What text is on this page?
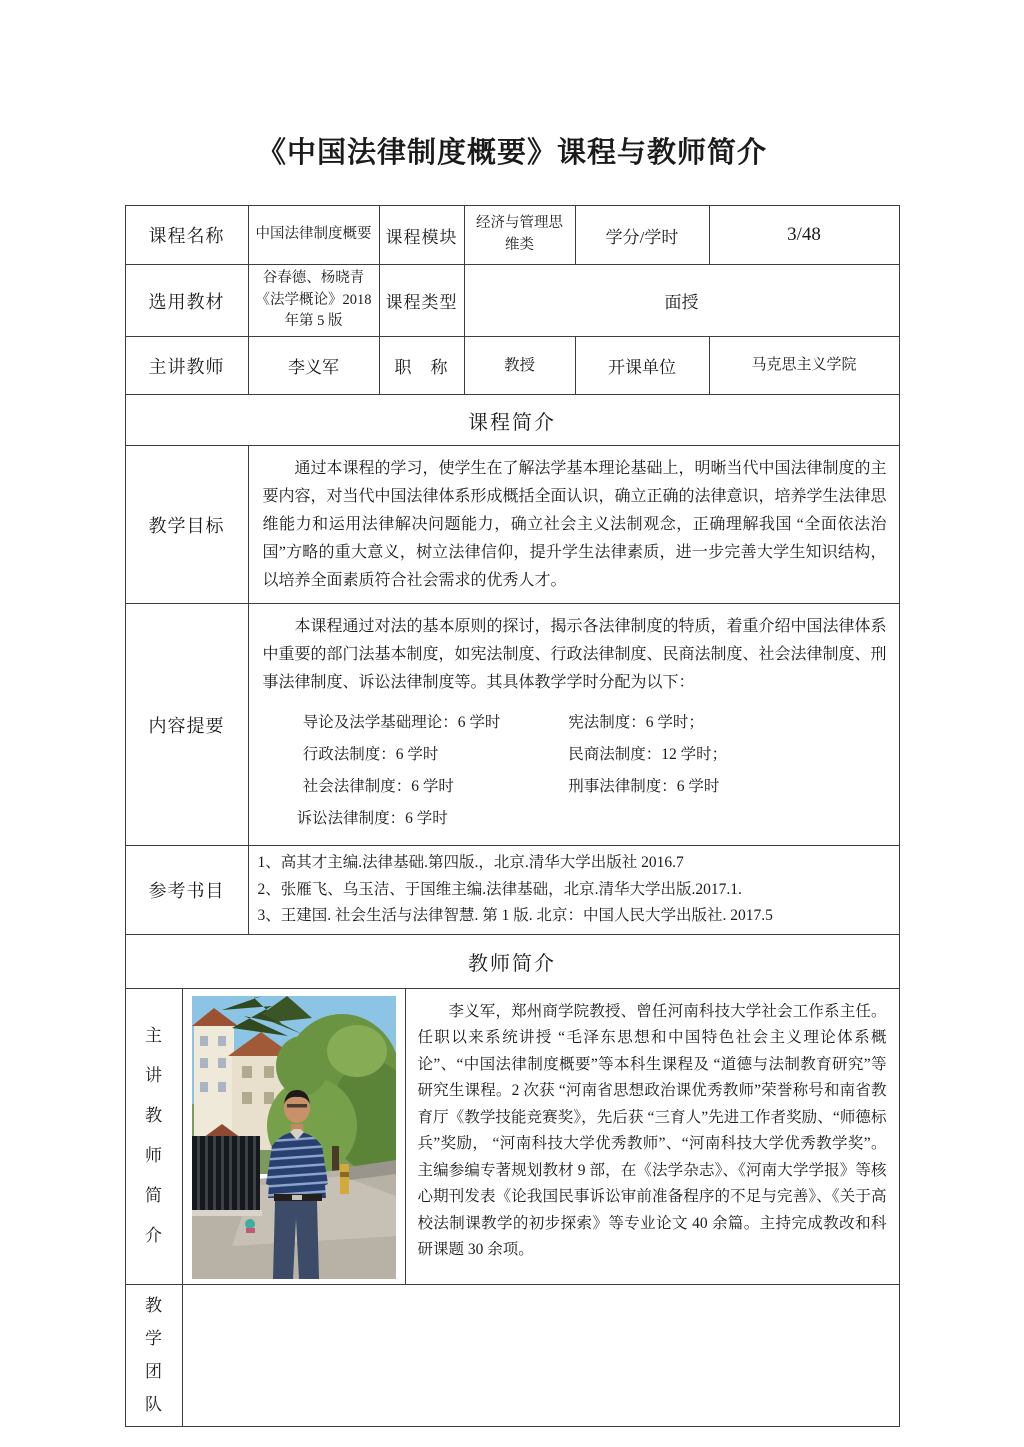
《中国法律制度概要》课程与教师简介
课程名称	中国法律制度概要	课程模块	经济与管理思维类	学分/学时	3/48
选用教材	谷春德、杨晓青《法学概论》2018 年第 5 版	课程类型	面授		
主讲教师	李义军	职　称	教授	开课单位	马克思主义学院
课程简介					
教学目标	通过本课程的学习，使学生在了解法学基本理论基础上，明晰当代中国法律制度的主要内容，对当代中国法律体系形成概括全面认识，确立正确的法律意识，培养学生法律思维能力和运用法律解决问题能力，确立社会主义法制观念，正确理解我国 “全面依法治国”方略的重大意义，树立法律信仰，提升学生法律素质，进一步完善大学生知识结构，以培养全面素质符合社会需求的优秀人才。				

内容提要	
本课程通过对法的基本原则的探讨，揭示各法律制度的特质，着重介绍中国法律体系中重要的部门法基本制度，如宪法制度、行政法律制度、民商法制度、社会法律制度、刑事法律制度、诉讼法律制度等。其具体教学学时分配为以下：
导论及法学基础理论：6 学时	宪法制度：6 学时；
行政法制度：6 学时	民商法制度：12 学时；
社会法律制度：6 学时	刑事法律制度：6 学时
诉讼法律制度：6 学时

参考书目	1、高其才主编.法律基础.第四版.，北京.清华大学出版社 2016.7
2、张雁飞、乌玉洁、于国维主编.法律基础，北京.清华大学出版.2017.1.
3、王建国. 社会生活与法律智慧. 第 1 版. 北京：中国人民大学出版社. 2017.5				

教师简介					
主讲教师简介		李义军，郑州商学院教授、曾任河南科技大学社会工作系主任。任职以来系统讲授 “毛泽东思想和中国特色社会主义理论体系概论”、“中国法律制度概要”等本科生课程及 “道德与法制教育研究”等研究生课程。2 次获 “河南省思想政治课优秀教师”荣誉称号和南省教育厅《教学技能竞赛奖》，先后获 “三育人”先进工作者奖励、“师德标兵”奖励， “河南科技大学优秀教师”、“河南科技大学优秀教学奖”。主编参编专著规划教材 9 部，在《法学杂志》、《河南大学学报》等核心期刊发表《论我国民事诉讼审前准备程序的不足与完善》、《关于高校法制课教学的初步探索》等专业论文 40 余篇。主持完成教改和科研课题 30 余项。

教学团队		
